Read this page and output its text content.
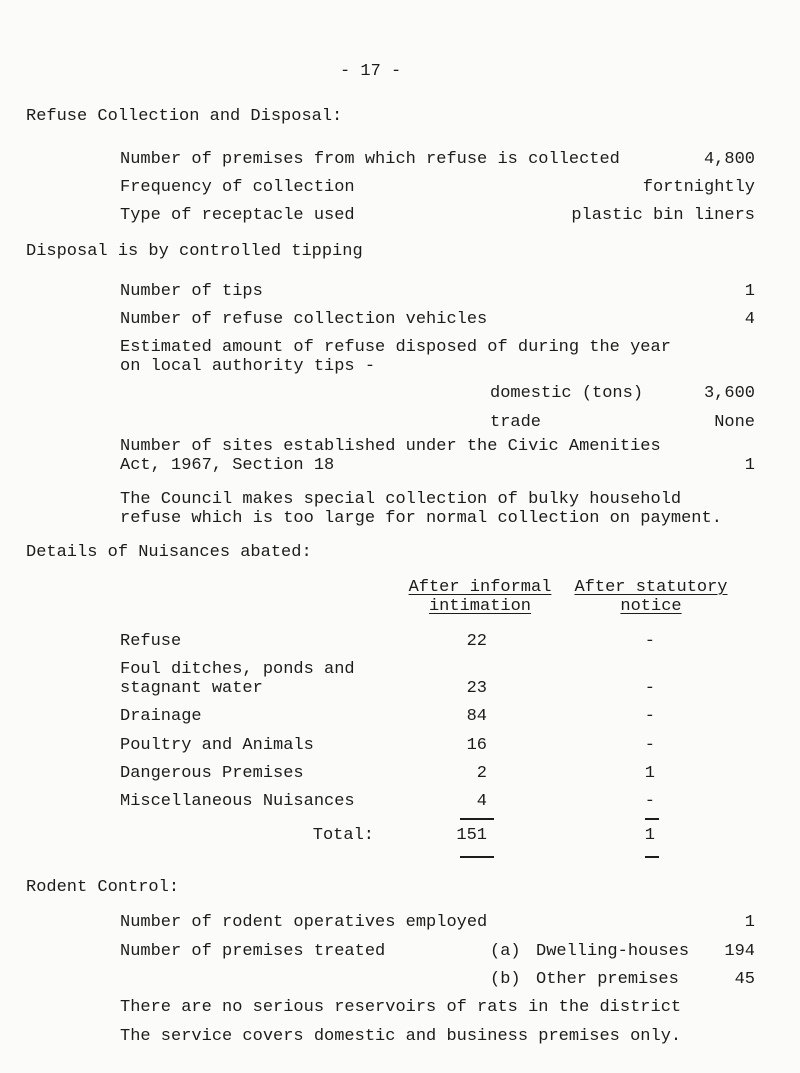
- 17 -
Refuse Collection and Disposal:
Number of premises from which refuse is collected	4,800
Frequency of collection	fortnightly
Type of receptacle used	plastic bin liners
Disposal is by controlled tipping
Number of tips	1
Number of refuse collection vehicles	4
Estimated amount of refuse disposed of during the year
on local authority tips -
domestic (tons)	3,600
trade	None
Number of sites established under the Civic Amenities
Act, 1967, Section 18	1
The Council makes special collection of bulky household
refuse which is too large for normal collection on payment.
Details of Nuisances abated:
After informal
intimation
After statutory
notice
Refuse	22	-
Foul ditches, ponds and
stagnant water	23	-
Drainage	84	-
Poultry and Animals	16	-
Dangerous Premises	2	1
Miscellaneous Nuisances	4	-
Total:	151	1
Rodent Control:
Number of rodent operatives employed	1
Number of premises treated	(a) Dwelling-houses 194
(b) Other premises	45
There are no serious reservoirs of rats in the district
The service covers domestic and business premises only.
